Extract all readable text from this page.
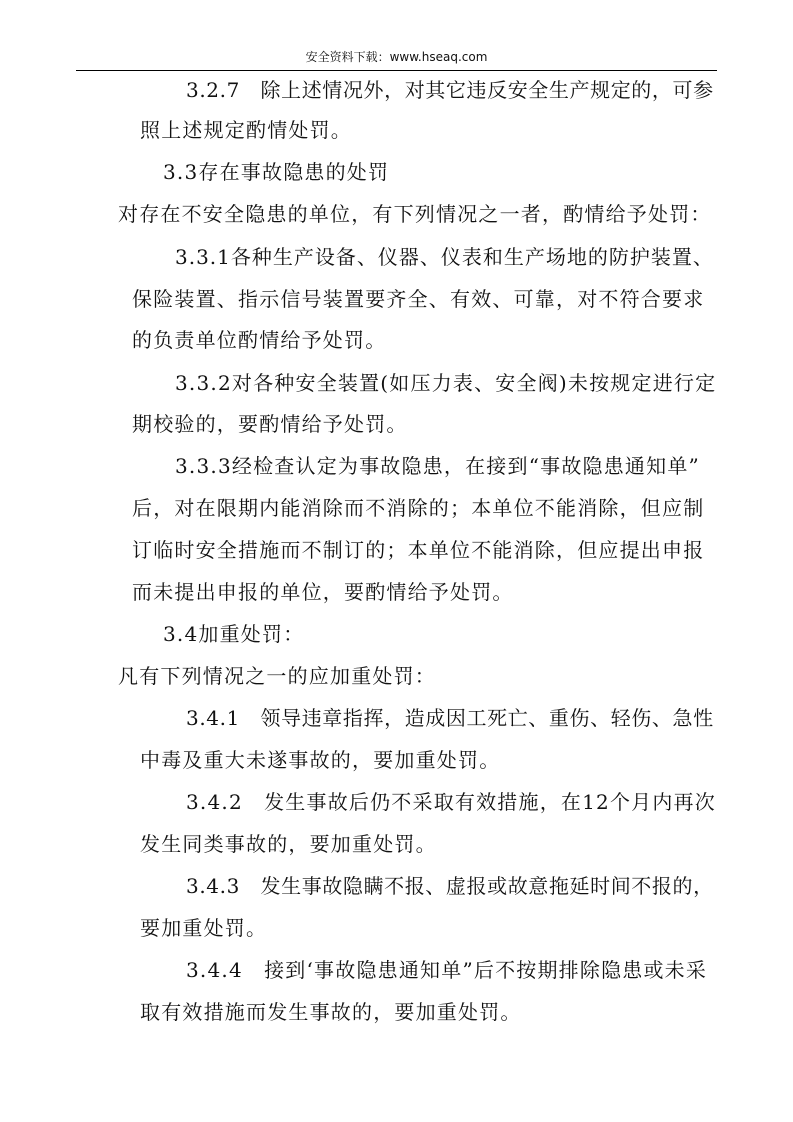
安全资料下载：www.hseaq.com
3.2.7　除上述情况外，对其它违反安全生产规定的，可参
照上述规定酌情处罚。
3.3存在事故隐患的处罚
对存在不安全隐患的单位，有下列情况之一者，酌情给予处罚：
3.3.1各种生产设备、仪器、仪表和生产场地的防护装置、
保险装置、指示信号装置要齐全、有效、可靠，对不符合要求
的负责单位酌情给予处罚。
3.3.2对各种安全装置(如压力表、安全阀)未按规定进行定
期校验的，要酌情给予处罚。
3.3.3经检查认定为事故隐患，在接到“事故隐患通知单”
后，对在限期内能消除而不消除的；本单位不能消除，但应制
订临时安全措施而不制订的；本单位不能消除，但应提出申报
而未提出申报的单位，要酌情给予处罚。
3.4加重处罚：
凡有下列情况之一的应加重处罚：
3.4.1　领导违章指挥，造成因工死亡、重伤、轻伤、急性
中毒及重大未遂事故的，要加重处罚。
3.4.2　发生事故后仍不采取有效措施，在12个月内再次
发生同类事故的，要加重处罚。
3.4.3　发生事故隐瞒不报、虚报或故意拖延时间不报的，
要加重处罚。
3.4.4　接到‘事故隐患通知单”后不按期排除隐患或未采
取有效措施而发生事故的，要加重处罚。
